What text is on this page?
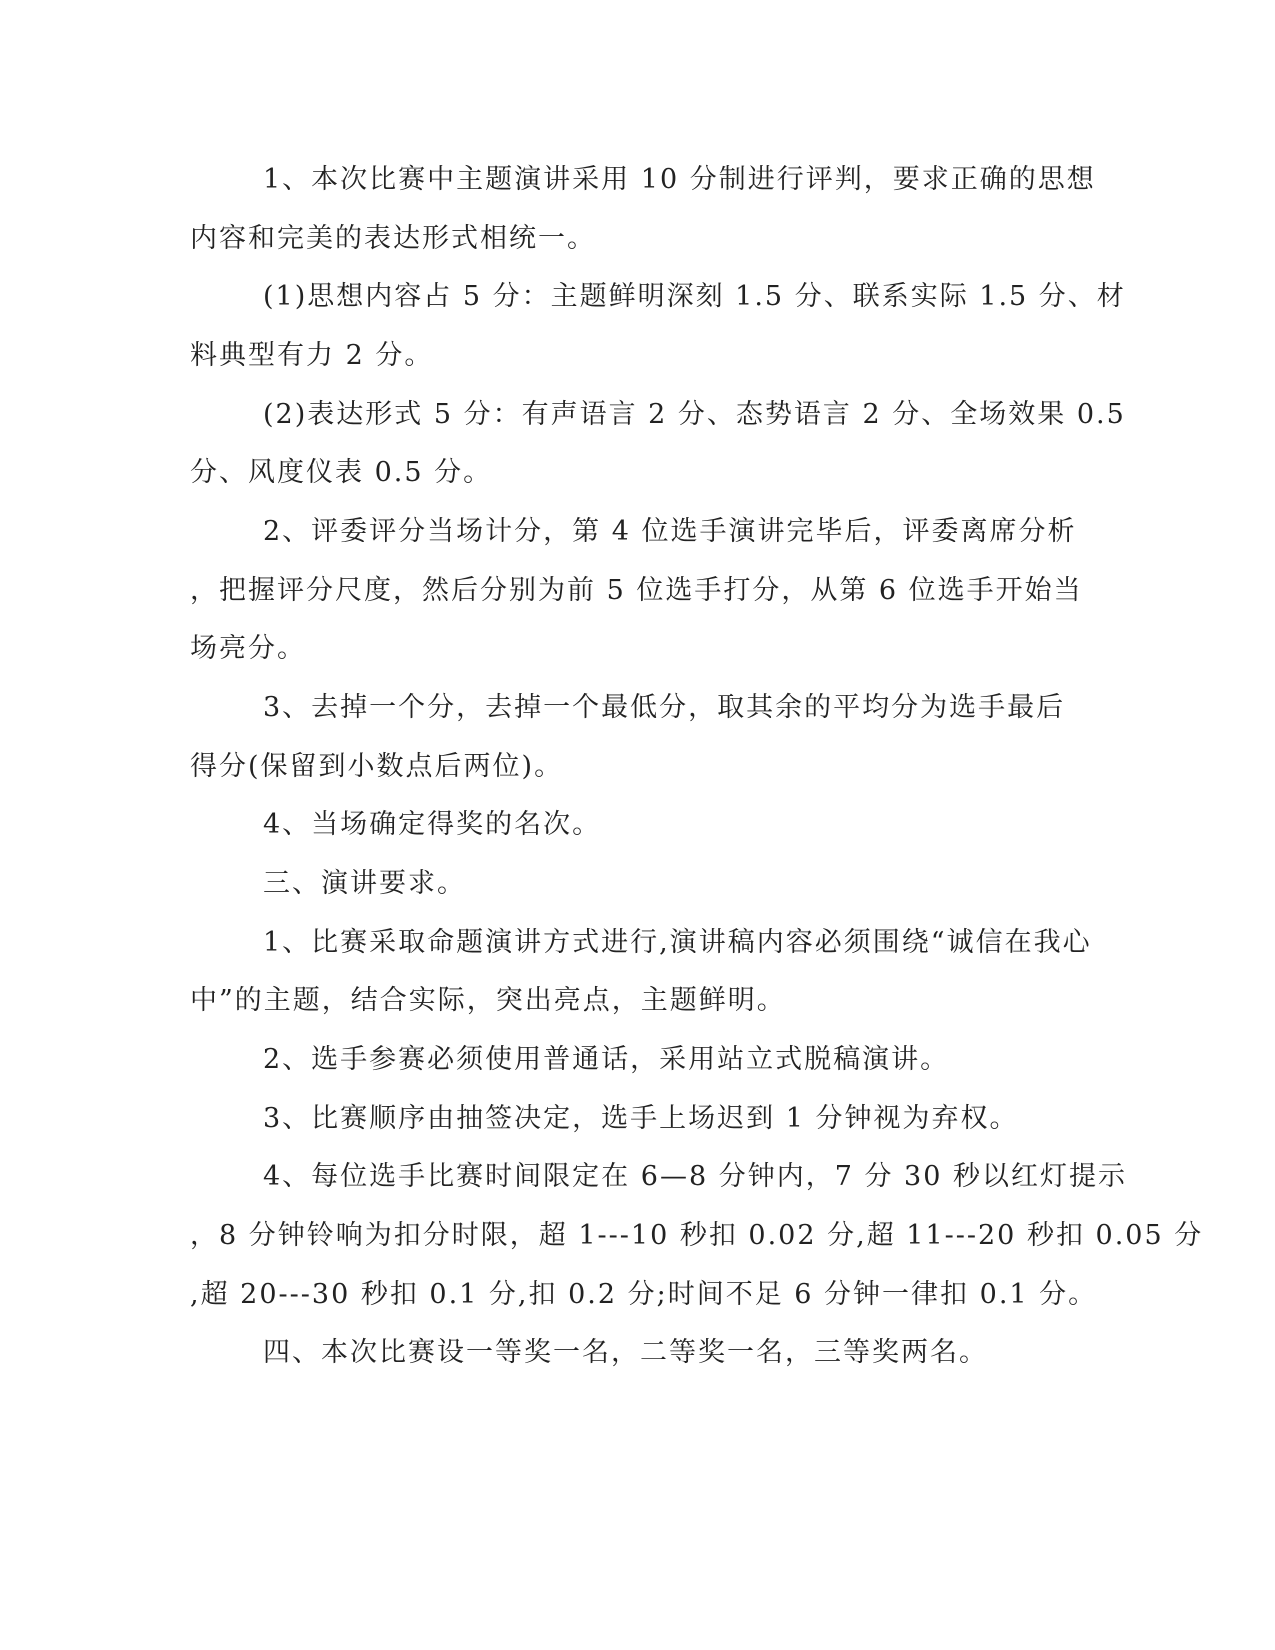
1、本次比赛中主题演讲采用 10 分制进行评判，要求正确的思想
内容和完美的表达形式相统一。
(1)思想内容占 5 分：主题鲜明深刻 1.5 分、联系实际 1.5 分、材
料典型有力 2 分。
(2)表达形式 5 分：有声语言 2 分、态势语言 2 分、全场效果 0.5
分、风度仪表 0.5 分。
2、评委评分当场计分，第 4 位选手演讲完毕后，评委离席分析
，把握评分尺度，然后分别为前 5 位选手打分，从第 6 位选手开始当
场亮分。
3、去掉一个分，去掉一个最低分，取其余的平均分为选手最后
得分(保留到小数点后两位)。
4、当场确定得奖的名次。
三、演讲要求。
1、比赛采取命题演讲方式进行,演讲稿内容必须围绕“诚信在我心
中”的主题，结合实际，突出亮点，主题鲜明。
2、选手参赛必须使用普通话，采用站立式脱稿演讲。
3、比赛顺序由抽签决定，选手上场迟到 1 分钟视为弃权。
4、每位选手比赛时间限定在 6—8 分钟内，7 分 30 秒以红灯提示
，8 分钟铃响为扣分时限，超 1---10 秒扣 0.02 分,超 11---20 秒扣 0.05 分
,超 20---30 秒扣 0.1 分,扣 0.2 分;时间不足 6 分钟一律扣 0.1 分。
四、本次比赛设一等奖一名，二等奖一名，三等奖两名。
